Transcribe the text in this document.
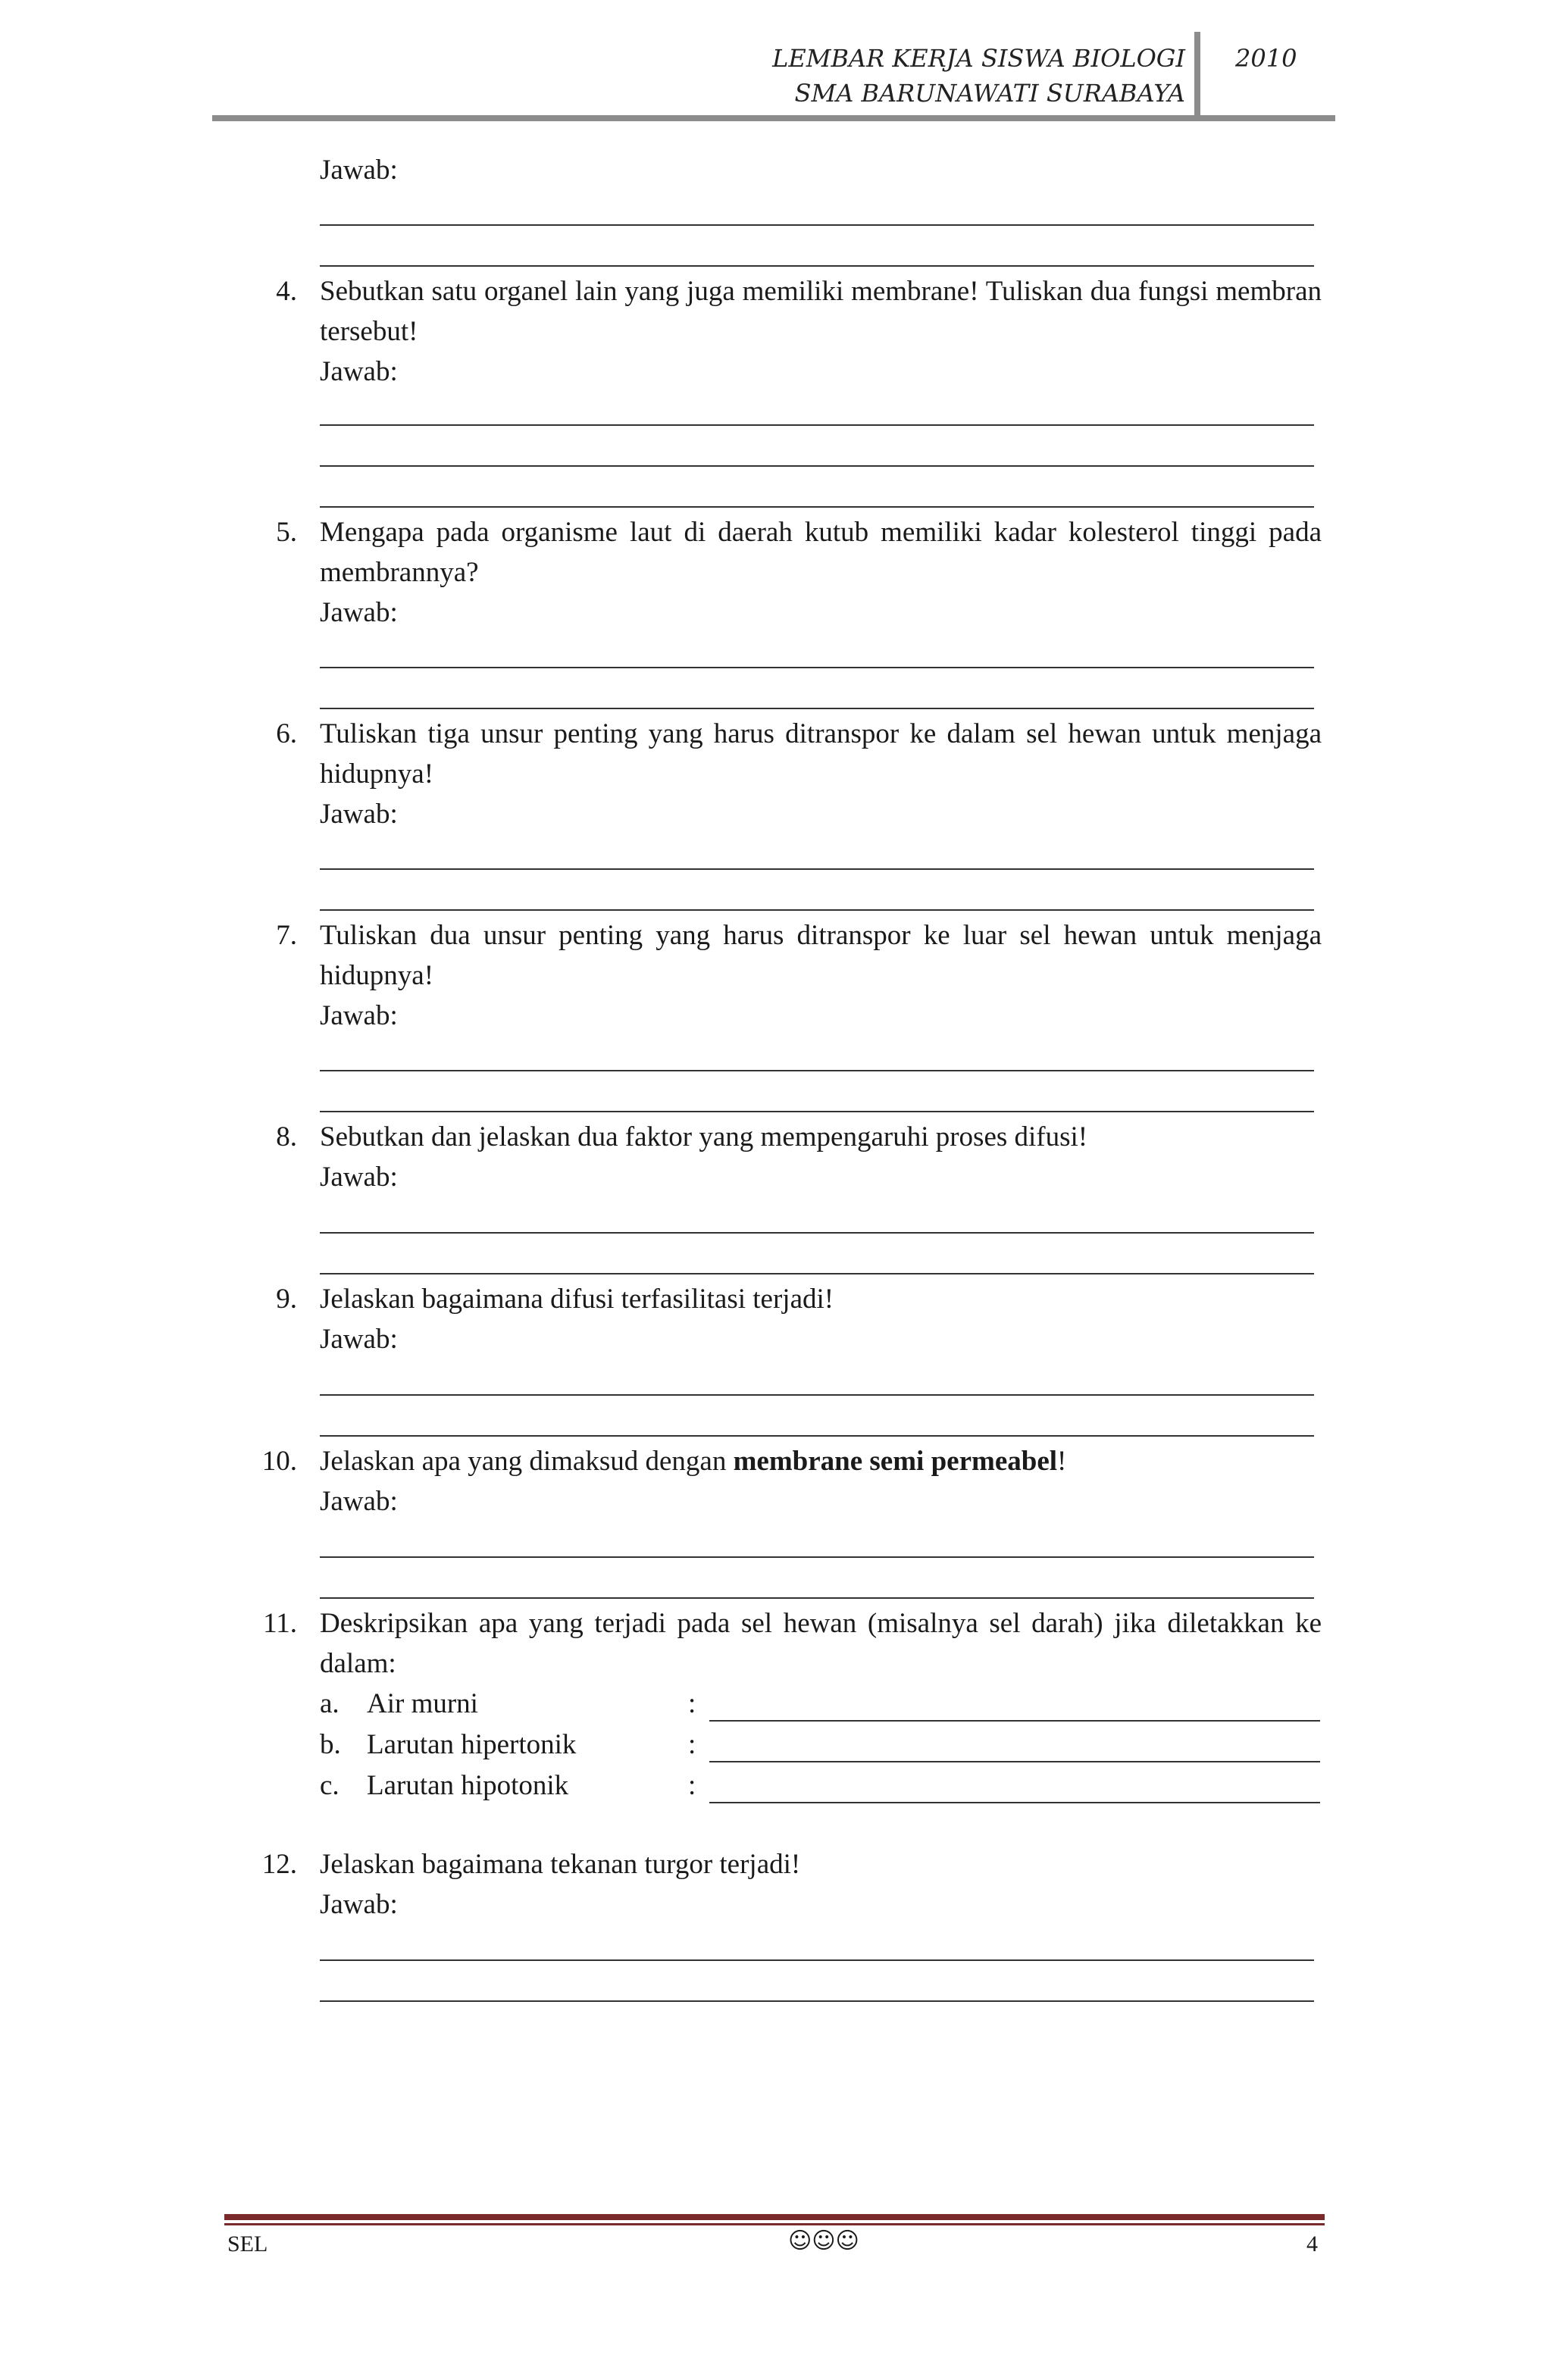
LEMBAR KERJA SISWA BIOLOGI
SMA BARUNAWATI SURABAYA
2010
Jawab:
4. Sebutkan satu organel lain yang juga memiliki membrane! Tuliskan dua fungsi membran tersebut!
Jawab:
5. Mengapa pada organisme laut di daerah kutub memiliki kadar kolesterol tinggi pada membrannya?
Jawab:
6. Tuliskan tiga unsur penting yang harus ditranspor ke dalam sel hewan untuk menjaga hidupnya!
Jawab:
7. Tuliskan dua unsur penting yang harus ditranspor ke luar sel hewan untuk menjaga hidupnya!
Jawab:
8. Sebutkan dan jelaskan dua faktor yang mempengaruhi proses difusi!
Jawab:
9. Jelaskan bagaimana difusi terfasilitasi terjadi!
Jawab:
10. Jelaskan apa yang dimaksud dengan membrane semi permeabel!
Jawab:
11. Deskripsikan apa yang terjadi pada sel hewan (misalnya sel darah) jika diletakkan ke dalam:
a. Air murni	:
b. Larutan hipertonik	:
c. Larutan hipotonik	:
12. Jelaskan bagaimana tekanan turgor terjadi!
Jawab:
SEL	☺☺☺	4
